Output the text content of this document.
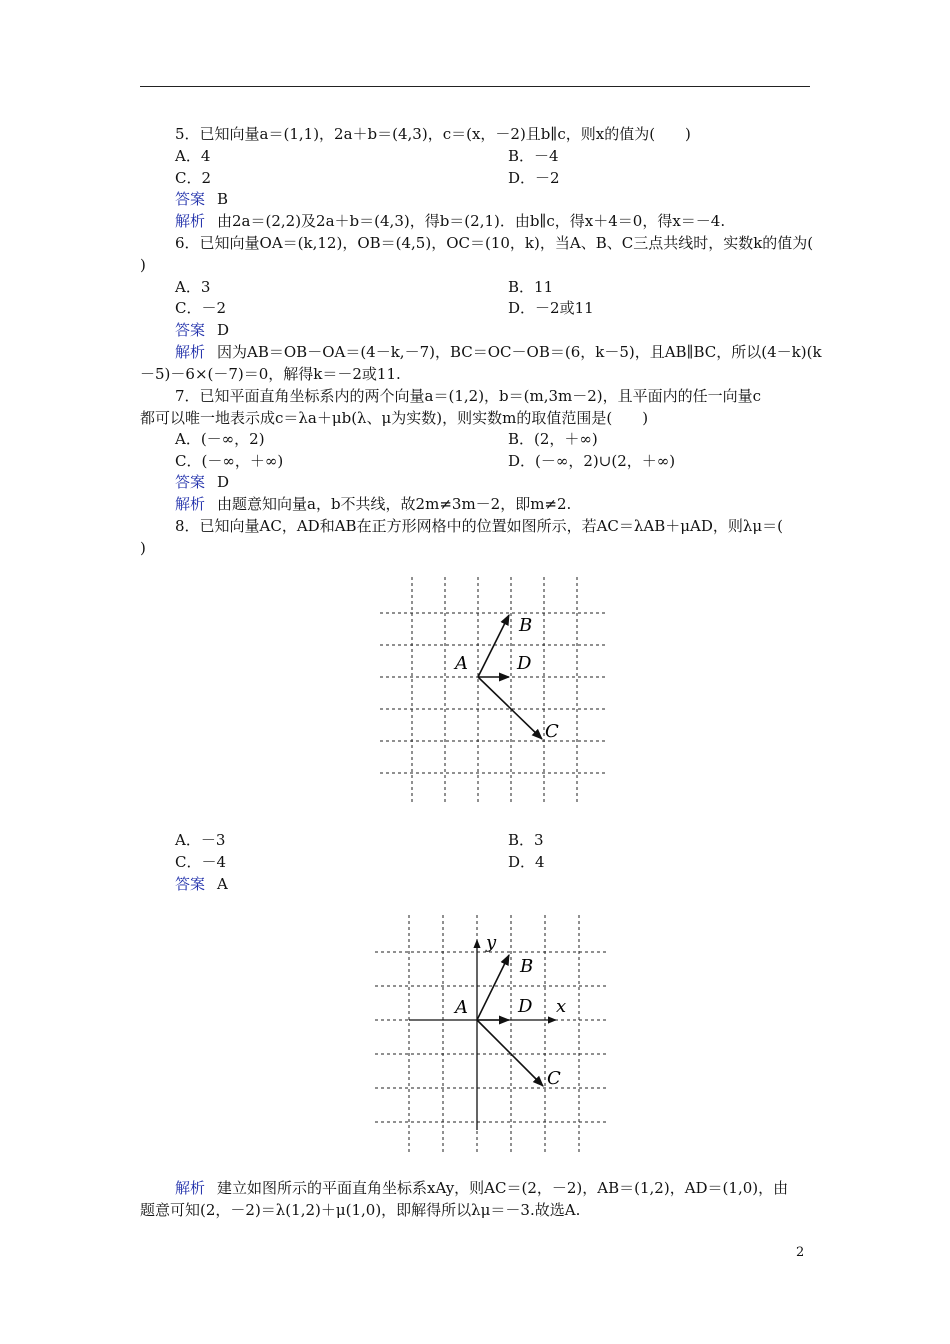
5．已知向量a＝(1,1)，2a＋b＝(4,3)，c＝(x，－2)且b∥c，则x的值为(　　)
A．4	B．－4
C．2	D．－2
答案 B
解析 由2a＝(2,2)及2a＋b＝(4,3)，得b＝(2,1)．由b∥c，得x＋4＝0，得x＝－4.
6．已知向量OA＝(k,12)，OB＝(4,5)，OC＝(10，k)，当A、B、C三点共线时，实数k的值为(
)
A．3	B．11
C．－2	D．－2或11
答案 D
解析 因为AB＝OB－OA＝(4－k,－7)，BC＝OC－OB＝(6，k－5)，且AB∥BC，所以(4－k)(k
－5)－6×(－7)＝0，解得k＝－2或11.
7．已知平面直角坐标系内的两个向量a＝(1,2)，b＝(m,3m－2)，且平面内的任一向量c
都可以唯一地表示成c＝λa＋μb(λ、μ为实数)，则实数m的取值范围是(　　)
A．(－∞，2)	B．(2，＋∞)
C．(－∞，＋∞)	D．(－∞，2)∪(2，＋∞)
答案 D
解析 由题意知向量a，b不共线，故2m≠3m－2，即m≠2.
8．已知向量AC，AD和AB在正方形网格中的位置如图所示，若AC＝λAB＋μAD，则λμ＝(
)
A
B
D
C
A．－3	B．3
C．－4	D．4
答案 A
A
B
D x
y
C
解析 建立如图所示的平面直角坐标系xAy，则AC＝(2，－2)，AB＝(1,2)，AD＝(1,0)，由
题意可知(2，－2)＝λ(1,2)＋μ(1,0)，即解得所以λμ＝－3.故选A.
2
